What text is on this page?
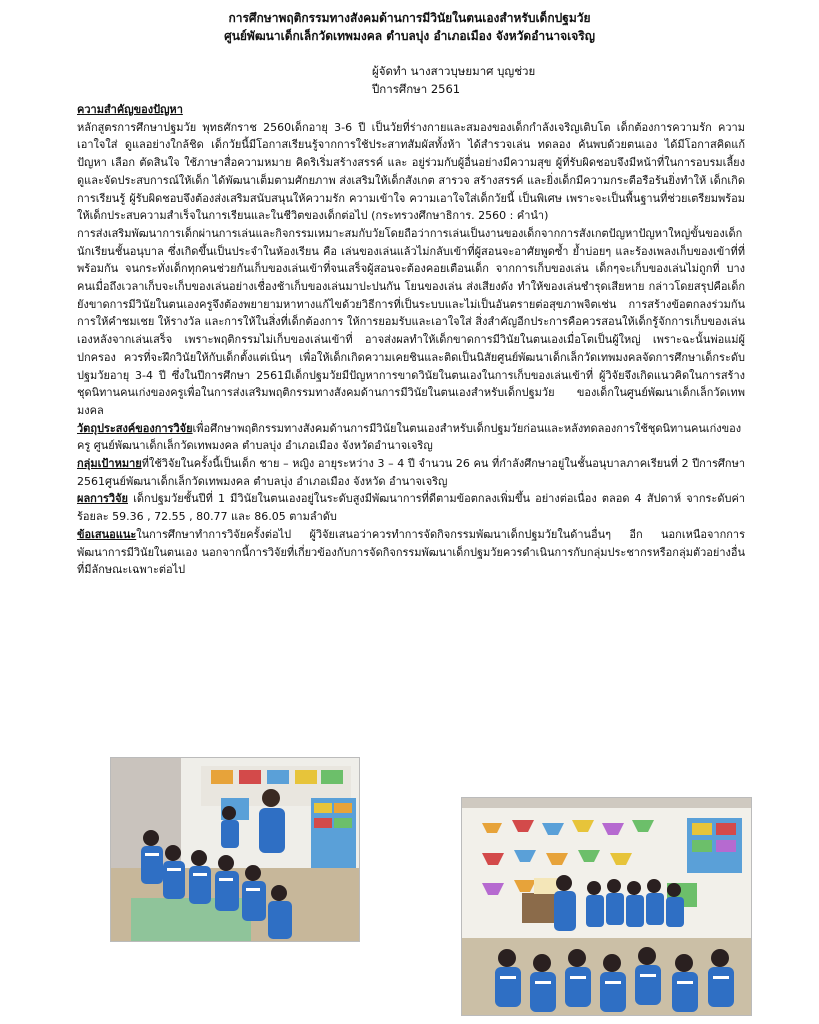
การศึกษาพฤติกรรมทางสังคมด้านการมีวินัยในตนเองสำหรับเด็กปฐมวัย
ศูนย์พัฒนาเด็กเล็กวัดเทพมงคล ตำบลบุ่ง อำเภอเมือง จังหวัดอำนาจเจริญ
ผู้จัดทำ นางสาวบุษยมาศ บุญช่วย
ปีการศึกษา 2561

ความสำคัญของปัญหา

หลักสูตรการศึกษาปฐมวัย พุทธศักราช 2560เด็กอายุ 3-6 ปี เป็นวัยที่ร่างกายและสมองของเด็กกำลังเจริญเติบโต เด็กต้องการความรัก ความเอาใจใส่ ดูแลอย่างใกล้ชิด เด็กวัยนี้มีโอกาสเรียนรู้จากการใช้ประสาทสัมผัสทั้งห้า ได้สำรวจเล่น ทดลอง ค้นพบด้วยตนเอง ได้มีโอกาสคิดแก้ปัญหา เลือก ตัดสินใจ ใช้ภาษาสื่อความหมาย คิดริเริ่มสร้างสรรค์ และ อยู่ร่วมกับผู้อื่นอย่างมีความสุข ผู้ที่รับผิดชอบจึงมีหน้าที่ในการอบรมเลี้ยงดูและจัดประสบการณ์ให้เด็ก ได้พัฒนาเต็มตามศักยภาพ ส่งเสริมให้เด็กสังเกต สารวจ สร้างสรรค์ และยิ่งเด็กมีความกระตือรือร้นยิ่งทำให้ เด็กเกิดการเรียนรู้ ผู้รับผิดชอบจึงต้องส่งเสริมสนับสนุนให้ความรัก ความเข้าใจ ความเอาใจใส่เด็กวัยนี้ เป็นพิเศษ เพราะจะเป็นพื้นฐานที่ช่วยเตรียมพร้อมให้เด็กประสบความสำเร็จในการเรียนและในชีวิตของเด็กต่อไป (กระทรวงศึกษาธิการ. 2560 : คำนำ)

การส่งเสริมพัฒนาการเด็กผ่านการเล่นและกิจกรรมเหมาะสมกับวัยโดยถือว่าการเล่นเป็นงานของเด็กจากการสังเกตปัญหาปัญหาใหญ่ขั้นของเด็กนักเรียนชั้นอนุบาล ซึ่งเกิดขึ้นเป็นประจำในห้องเรียน คือ เล่นของเล่นแล้วไม่กลับเข้าที่ผู้สอนจะอาศัยพูดซ้ำ ย้ำบ่อยๆ และร้องเพลงเก็บของเข้าที่ที่พร้อมกัน จนกระทั่งเด็กทุกคนช่วยกันเก็บของเล่นเข้าที่จนเสร็จผู้สอนจะต้องคอยเตือนเด็ก จากการเก็บของเล่น เด็กๆจะเก็บของเล่นไม่ถูกที่ บางคนเมื่อถึงเวลาเก็บจะเก็บของเล่นอย่างเชื่องช้าเก็บของเล่นมาปะปนกัน โยนของเล่น ส่งเสียงดัง ทำให้ของเล่นชำรุดเสียหาย กล่าวโดยสรุปคือเด็กยังขาดการมีวินัยในตนเองครูจึงต้องพยายามหาทางแก้ไขด้วยวิธีการที่เป็นระบบและไม่เป็นอันตรายต่อสุขภาพจิตเช่น การสร้างข้อตกลงร่วมกัน การให้คำชมเชย ให้รางวัล และการให้ในสิ่งที่เด็กต้องการ ให้การยอมรับและเอาใจใส่ สิ่งสำคัญอีกประการคือควรสอนให้เด็กรู้จักการเก็บของเล่นเองหลังจากเล่นเสร็จ เพราะพฤติกรรมไม่เก็บของเล่นเข้าที่ อาจส่งผลทำให้เด็กขาดการมีวินัยในตนเองเมื่อโตเป็นผู้ใหญ่ เพราะฉะนั้นพ่อแม่ผู้ปกครอง ควรที่จะฝึกวินัยให้กับเด็กตั้งแต่เนิ่นๆ เพื่อให้เด็กเกิดความเคยชินและติดเป็นนิสัยศูนย์พัฒนาเด็กเล็กวัดเทพมงคลจัดการศึกษาเด็กระดับปฐมวัยอายุ 3-4 ปี ซึ่งในปีการศึกษา 2561มีเด็กปฐมวัยมีปัญหาการขาดวินัยในตนเองในการเก็บของเล่นเข้าที่ ผู้วิจัยจึงเกิดแนวคิดในการสร้างชุดนิทานคนเก่งของครูเพื่อในการส่งเสริมพฤติกรรมทางสังคมด้านการมีวินัยในตนเองสำหรับเด็กปฐมวัย ของเด็กในศูนย์พัฒนาเด็กเล็กวัดเทพมงคล

วัตถุประสงค์ของการวิจัยเพื่อศึกษาพฤติกรรมทางสังคมด้านการมีวินัยในตนเองสำหรับเด็กปฐมวัยก่อนและหลังทดลองการใช้ชุดนิทานคนเก่งของครู ศูนย์พัฒนาเด็กเล็กวัดเทพมงคล ตำบลบุ่ง อำเภอเมือง จังหวัดอำนาจเจริญ

กลุ่มเป้าหมายที่ใช้วิจัยในครั้งนี้เป็นเด็ก ชาย – หญิง อายุระหว่าง 3 – 4 ปี จำนวน 26 คน ที่กำลังศึกษาอยู่ในชั้นอนุบาลภาคเรียนที่ 2 ปีการศึกษา 2561ศูนย์พัฒนาเด็กเล็กวัดเทพมงคล ตำบลบุ่ง อำเภอเมือง จังหวัด อำนาจเจริญ

ผลการวิจัย เด็กปฐมวัยชั้นปีที่ 1 มีวินัยในตนเองอยู่ในระดับสูงมีพัฒนาการที่ดีตามข้อตกลงเพิ่มขึ้น อย่างต่อเนื่อง ตลอด 4 สัปดาห์ จากระดับค่าร้อยละ 59.36 , 72.55 , 80.77 และ 86.05 ตามลำดับ

ข้อเสนอแนะในการศึกษาทำการวิจัยครั้งต่อไป ผู้วิจัยเสนอว่าควรทำการจัดกิจกรรมพัฒนาเด็กปฐมวัยในด้านอื่นๆ อีก นอกเหนือจากการพัฒนาการมีวินัยในตนเอง นอกจากนี้การวิจัยที่เกี่ยวข้องกับการจัดกิจกรรมพัฒนาเด็กปฐมวัยควรดำเนินการกับกลุ่มประชากรหรือกลุ่มตัวอย่างอื่นที่มีลักษณะเฉพาะต่อไป
